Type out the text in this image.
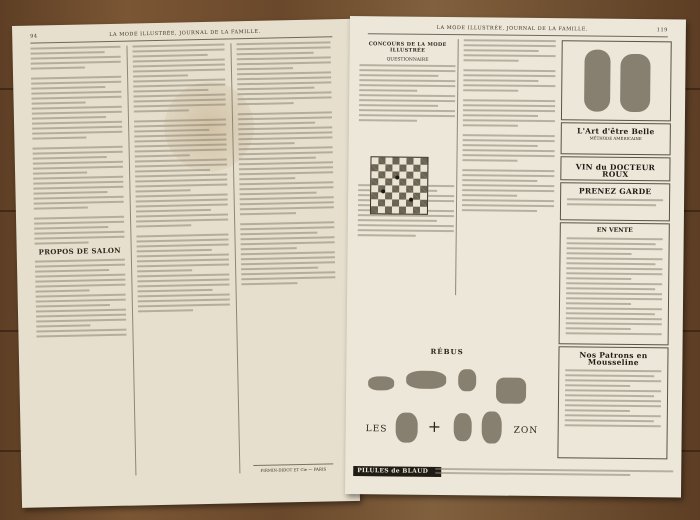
94	LA MODE ILLUSTRÉE, JOURNAL DE LA FAMILLE.
PROPOS DE SALON
FIRMIN-DIDOT ET Cie — PARIS
LA MODE ILLUSTRÉE, JOURNAL DE LA FAMILLE.	119
CONCOURS DE LA MODE ILLUSTRÉE
QUESTIONNAIRE
RÉBUS
LES	+	ZON
L'Art d'être Belle
MÉTHODE AMÉRICAINE
VIN du DOCTEUR ROUX
PRENEZ GARDE
EN VENTE
Nos Patrons en Mousseline
PILULES de BLAUD
